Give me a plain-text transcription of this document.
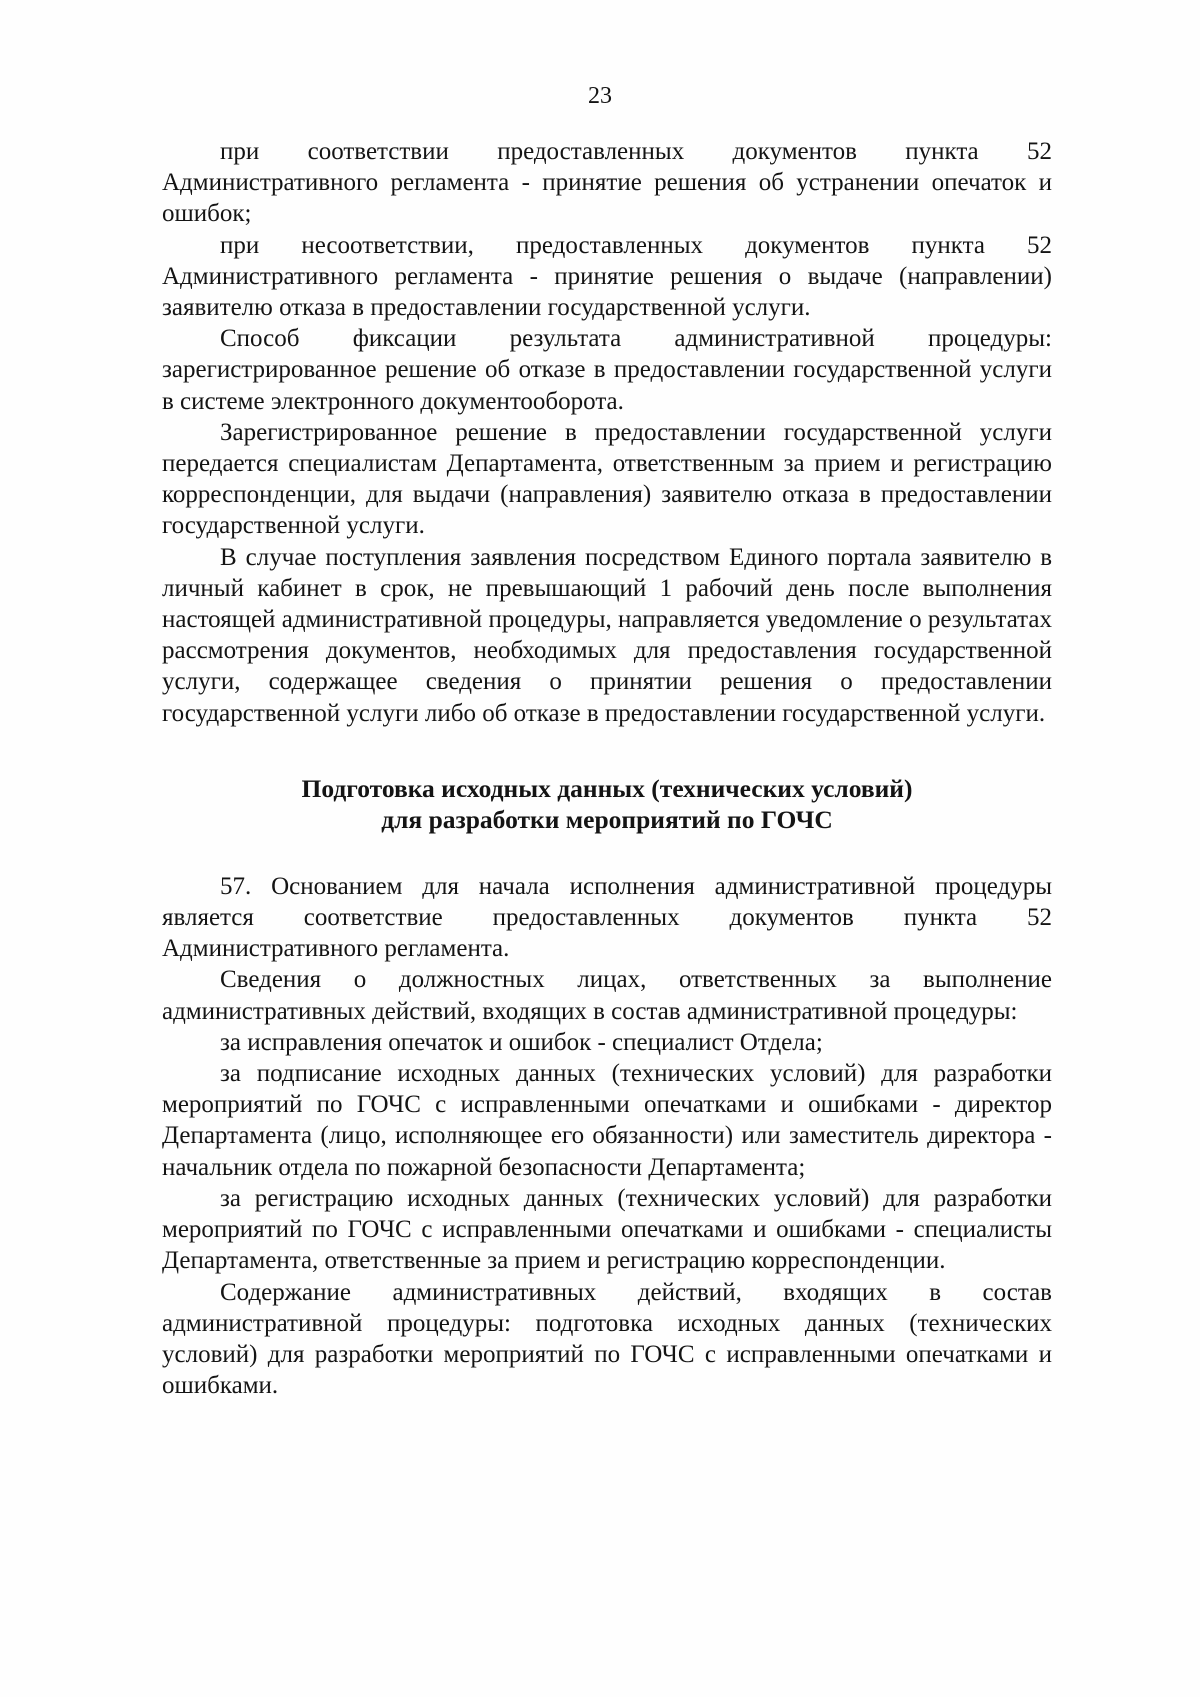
23

при соответствии предоставленных документов пункта 52 Административного регламента - принятие решения об устранении опечаток и ошибок;

при несоответствии, предоставленных документов пункта 52 Административного регламента - принятие решения о выдаче (направлении) заявителю отказа в предоставлении государственной услуги.

Способ фиксации результата административной процедуры: зарегистрированное решение об отказе в предоставлении государственной услуги в системе электронного документооборота.

Зарегистрированное решение в предоставлении государственной услуги передается специалистам Департамента, ответственным за прием и регистрацию корреспонденции, для выдачи (направления) заявителю отказа в предоставлении государственной услуги.

В случае поступления заявления посредством Единого портала заявителю в личный кабинет в срок, не превышающий 1 рабочий день после выполнения настоящей административной процедуры, направляется уведомление о результатах рассмотрения документов, необходимых для предоставления государственной услуги, содержащее сведения о принятии решения о предоставлении государственной услуги либо об отказе в предоставлении государственной услуги.

Подготовка исходных данных (технических условий)
для разработки мероприятий по ГОЧС

57. Основанием для начала исполнения административной процедуры является соответствие предоставленных документов пункта 52 Административного регламента.

Сведения о должностных лицах, ответственных за выполнение административных действий, входящих в состав административной процедуры:

за исправления опечаток и ошибок - специалист Отдела;

за подписание исходных данных (технических условий) для разработки мероприятий по ГОЧС с исправленными опечатками и ошибками - директор Департамента (лицо, исполняющее его обязанности) или заместитель директора - начальник отдела по пожарной безопасности Департамента;

за регистрацию исходных данных (технических условий) для разработки мероприятий по ГОЧС с исправленными опечатками и ошибками - специалисты Департамента, ответственные за прием и регистрацию корреспонденции.

Содержание административных действий, входящих в состав административной процедуры: подготовка исходных данных (технических условий) для разработки мероприятий по ГОЧС с исправленными опечатками и ошибками.
